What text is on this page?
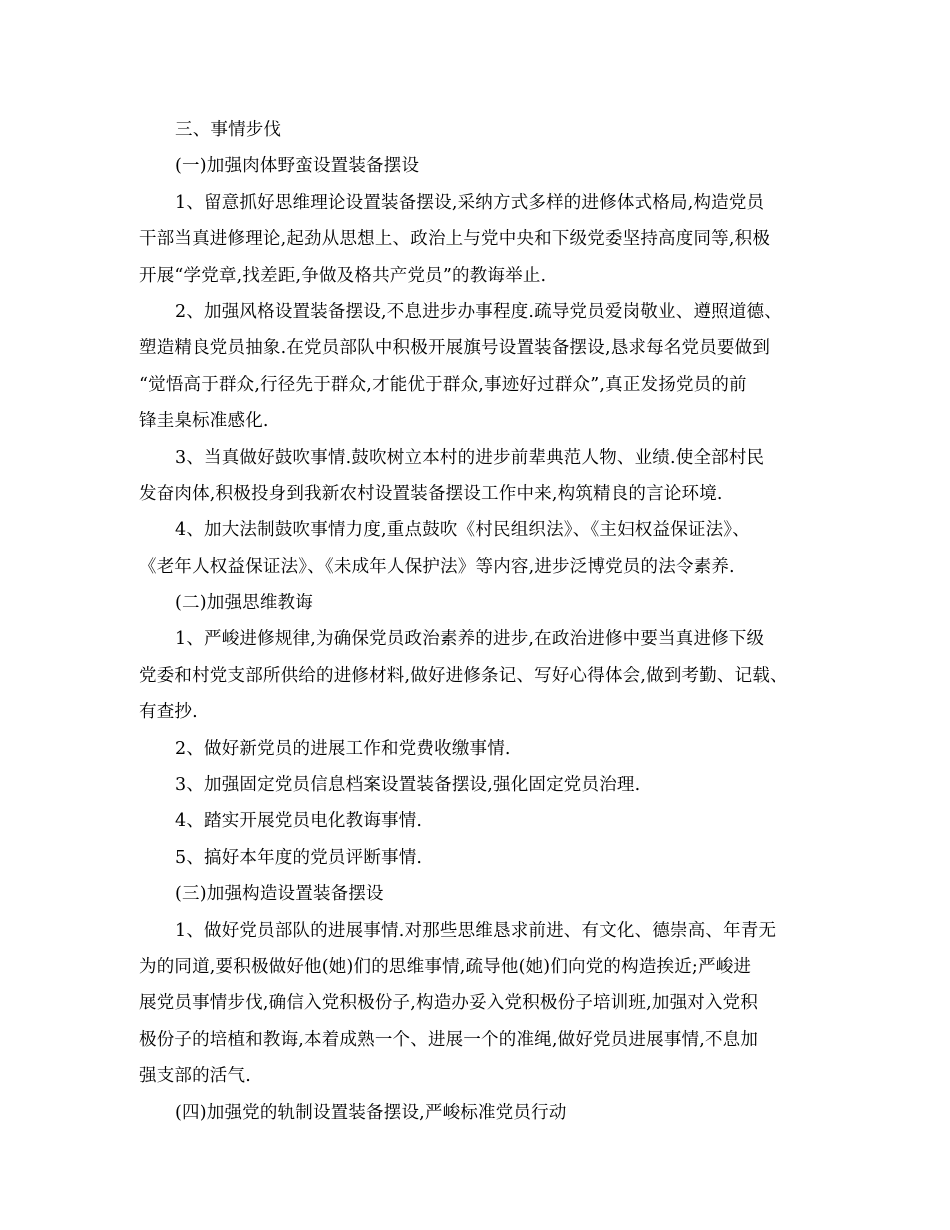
三、事情步伐
(一)加强肉体野蛮设置装备摆设
1、留意抓好思维理论设置装备摆设,采纳方式多样的进修体式格局,构造党员
干部当真进修理论,起劲从思想上、政治上与党中央和下级党委坚持高度同等,积极
开展“学党章,找差距,争做及格共产党员”的教诲举止.
2、加强风格设置装备摆设,不息进步办事程度.疏导党员爱岗敬业、遵照道德、
塑造精良党员抽象.在党员部队中积极开展旗号设置装备摆设,恳求每名党员要做到
“觉悟高于群众,行径先于群众,才能优于群众,事迹好过群众”,真正发扬党员的前
锋圭臬标准感化.
3、当真做好鼓吹事情.鼓吹树立本村的进步前辈典范人物、业绩.使全部村民
发奋肉体,积极投身到我新农村设置装备摆设工作中来,构筑精良的言论环境.
4、加大法制鼓吹事情力度,重点鼓吹《村民组织法》、《主妇权益保证法》、
《老年人权益保证法》、《未成年人保护法》等内容,进步泛博党员的法令素养.
(二)加强思维教诲
1、严峻进修规律,为确保党员政治素养的进步,在政治进修中要当真进修下级
党委和村党支部所供给的进修材料,做好进修条记、写好心得体会,做到考勤、记载、
有查抄.
2、做好新党员的进展工作和党费收缴事情.
3、加强固定党员信息档案设置装备摆设,强化固定党员治理.
4、踏实开展党员电化教诲事情.
5、搞好本年度的党员评断事情.
(三)加强构造设置装备摆设
1、做好党员部队的进展事情.对那些思维恳求前进、有文化、德崇高、年青无
为的同道,要积极做好他(她)们的思维事情,疏导他(她)们向党的构造挨近;严峻进
展党员事情步伐,确信入党积极份子,构造办妥入党积极份子培训班,加强对入党积
极份子的培植和教诲,本着成熟一个、进展一个的准绳,做好党员进展事情,不息加
强支部的活气.
(四)加强党的轨制设置装备摆设,严峻标准党员行动
